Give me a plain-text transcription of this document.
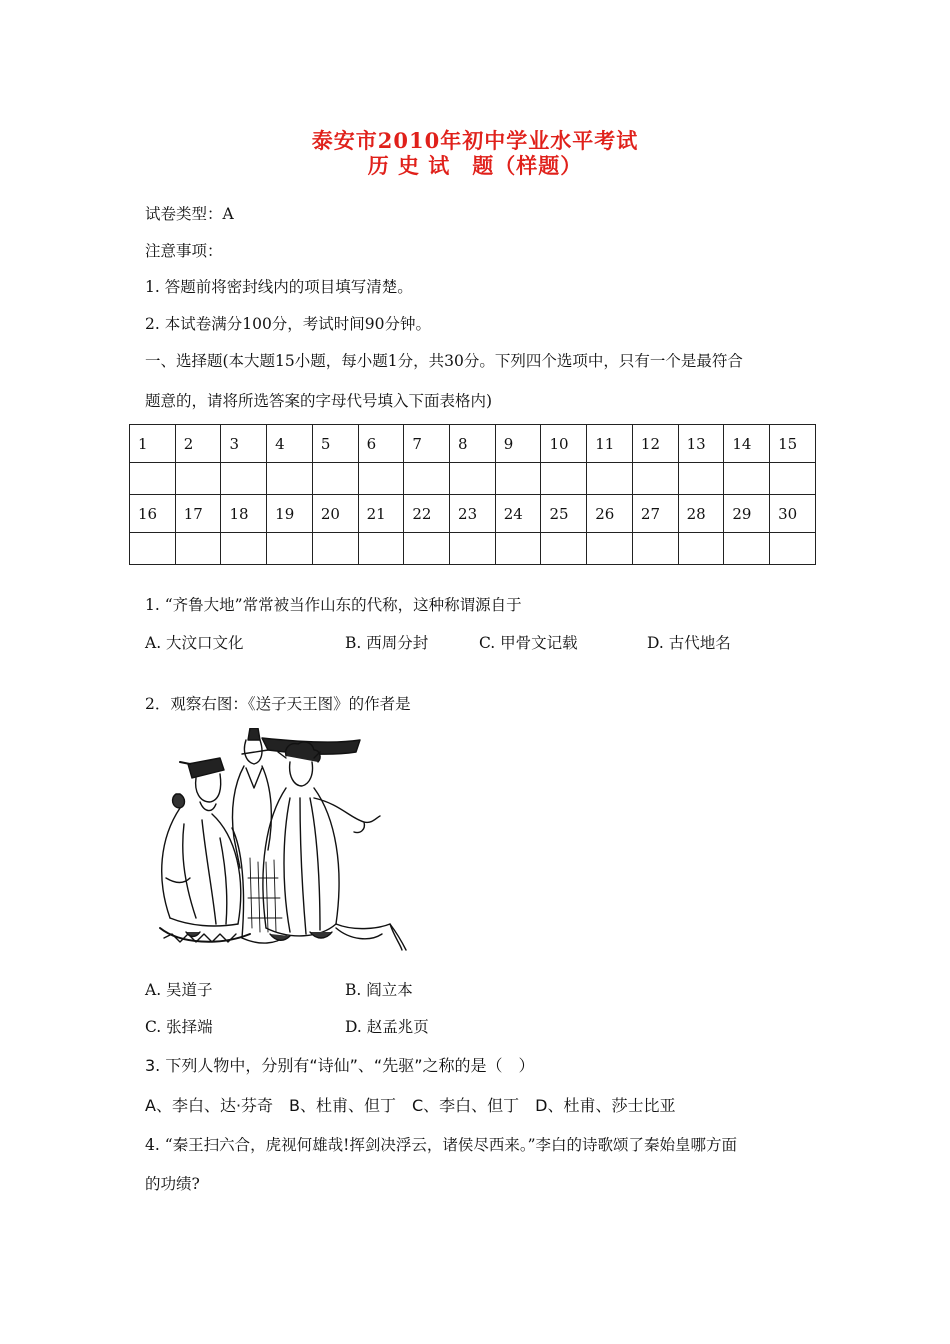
泰安市2010年初中学业水平考试
历 史 试　题（样题）
试卷类型：A
注意事项：
1. 答题前将密封线内的项目填写清楚。
2. 本试卷满分100分，考试时间90分钟。
一、选择题(本大题15小题，每小题1分，共30分。下列四个选项中，只有一个是最符合
题意的，请将所选答案的字母代号填入下面表格内)
1	2	3	4	5	6	7	8	9	10	11	12	13	14	15

16	17	18	19	20	21	22	23	24	25	26	27	28	29	30

1. “齐鲁大地”常常被当作山东的代称，这种称谓源自于
A. 大汶口文化	B. 西周分封	C. 甲骨文记载	D. 古代地名
2．观察右图：《送子天王图》的作者是
A. 吴道子	B. 阎立本
C. 张择端	D. 赵孟兆页
3. 下列人物中，分别有“诗仙”、“先驱”之称的是（　）
A、李白、达·芬奇　B、杜甫、但丁　C、李白、但丁　D、杜甫、莎士比亚
4. “秦王扫六合，虎视何雄哉!挥剑决浮云，诸侯尽西来。”李白的诗歌颂了秦始皇哪方面
的功绩?
